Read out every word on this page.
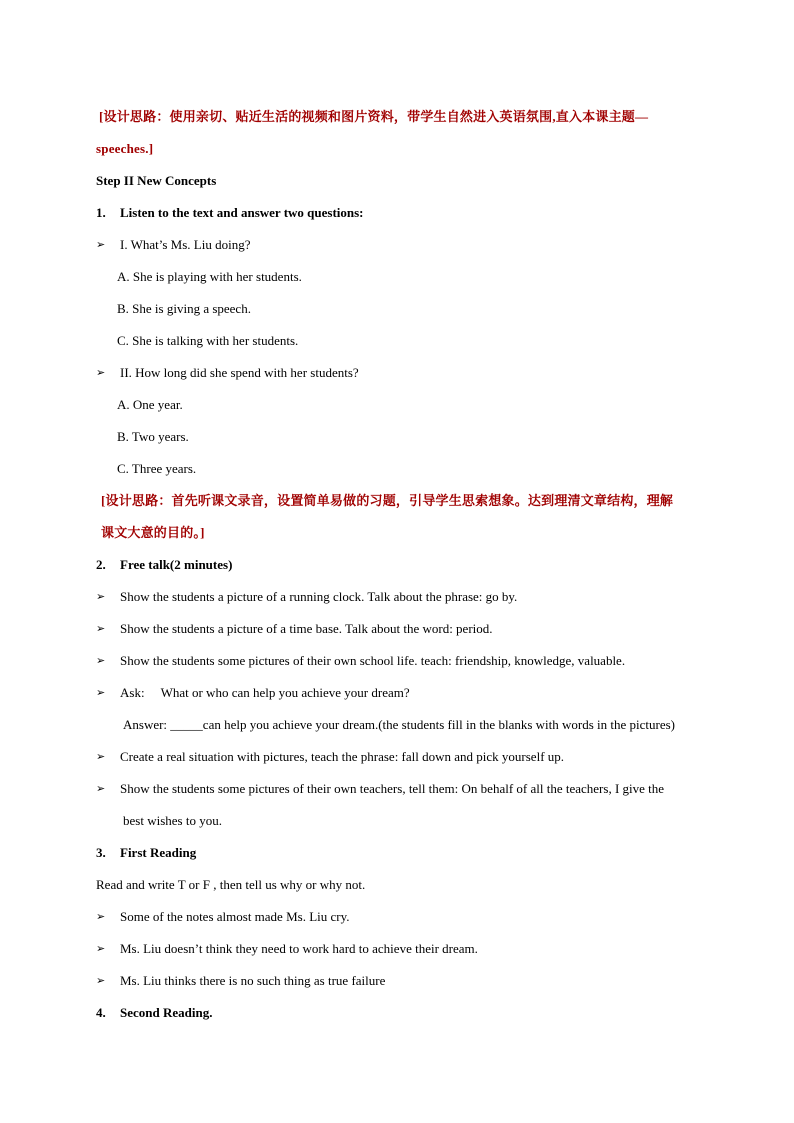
[设计思路：使用亲切、贴近生活的视频和图片资料，带学生自然进入英语氛围,直入本课主题—
speeches.]
Step II New Concepts
1. Listen to the text and answer two questions:
➢ I. What’s Ms. Liu doing?
A. She is playing with her students.
B. She is giving a speech.
C. She is talking with her students.
➢ II. How long did she spend with her students?
A. One year.
B. Two years.
C. Three years.
[设计思路：首先听课文录音，设置简单易做的习题，引导学生思索想象。达到理清文章结构，理解
课文大意的目的。]
2. Free talk(2 minutes)
➢ Show the students a picture of a running clock. Talk about the phrase: go by.
➢ Show the students a picture of a time base. Talk about the word: period.
➢ Show the students some pictures of their own school life. teach: friendship, knowledge, valuable.
➢ Ask:     What or who can help you achieve your dream?
Answer: _____can help you achieve your dream.(the students fill in the blanks with words in the pictures)
➢ Create a real situation with pictures, teach the phrase: fall down and pick yourself up.
➢ Show the students some pictures of their own teachers, tell them: On behalf of all the teachers, I give the
best wishes to you.
3. First Reading
Read and write T or F , then tell us why or why not.
➢ Some of the notes almost made Ms. Liu cry.
➢ Ms. Liu doesn’t think they need to work hard to achieve their dream.
➢ Ms. Liu thinks there is no such thing as true failure
4. Second Reading.
